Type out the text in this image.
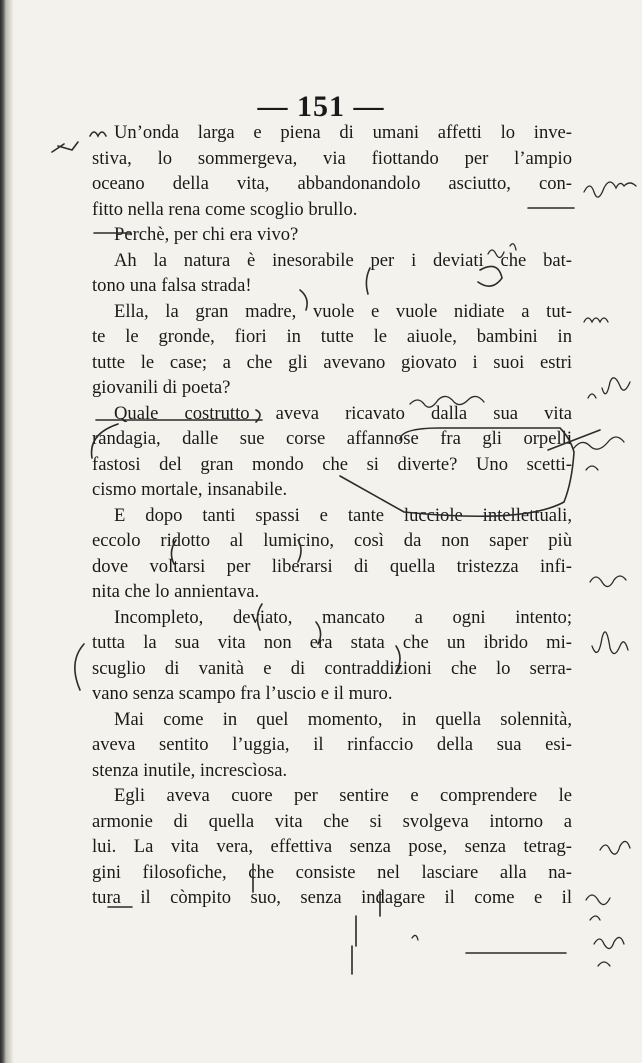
— 151 —
Un’onda larga e piena di umani affetti lo inve-
stiva, lo sommergeva, via fiottando per l’ampio
oceano della vita, abbandonandolo asciutto, con-
fitto nella rena come scoglio brullo.
Perchè, per chi era vivo?
Ah la natura è inesorabile per i deviati che bat-
tono una falsa strada!
Ella, la gran madre, vuole e vuole nidiate a tut-
te le gronde, fiori in tutte le aiuole, bambini in
tutte le case; a che gli avevano giovato i suoi estri
giovanili di poeta?
Quale costrutto aveva ricavato dalla sua vita
randagia, dalle sue corse affannose fra gli orpelli
fastosi del gran mondo che si diverte? Uno scetti-
cismo mortale, insanabile.
E dopo tanti spassi e tante lucciole intellettuali,
eccolo ridotto al lumicino, così da non saper più
dove voltarsi per liberarsi di quella tristezza infi-
nita che lo annientava.
Incompleto, deviato, mancato a ogni intento;
tutta la sua vita non era stata che un ibrido mi-
scuglio di vanità e di contraddizioni che lo serra-
vano senza scampo fra l’uscio e il muro.
Mai come in quel momento, in quella solennità,
aveva sentito l’uggia, il rinfaccio della sua esi-
stenza inutile, increscìosa.
Egli aveva cuore per sentire e comprendere le
armonie di quella vita che si svolgeva intorno a
lui. La vita vera, effettiva senza pose, senza tetrag-
gini filosofiche, che consiste nel lasciare alla na-
tura il còmpito suo, senza indagare il come e il
